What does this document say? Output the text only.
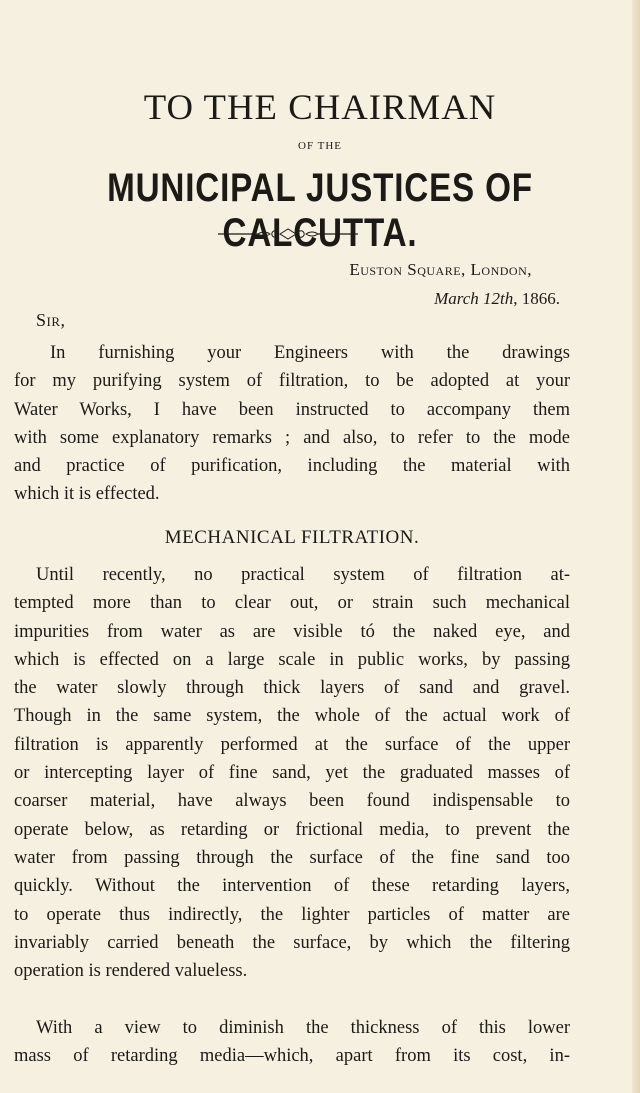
TO THE CHAIRMAN
OF THE
MUNICIPAL JUSTICES OF CALCUTTA.
Euston Square, London,
March 12th, 1866.
Sir,
In furnishing your Engineers with the drawings
for my purifying system of filtration, to be adopted at your
Water Works, I have been instructed to accompany them
with some explanatory remarks ; and also, to refer to the mode
and practice of purification, including the material with
which it is effected.
MECHANICAL FILTRATION.
Until recently, no practical system of filtration at-
tempted more than to clear out, or strain such mechanical
impurities from water as are visible tó the naked eye, and
which is effected on a large scale in public works, by passing
the water slowly through thick layers of sand and gravel.
Though in the same system, the whole of the actual work of
filtration is apparently performed at the surface of the upper
or intercepting layer of fine sand, yet the graduated masses of
coarser material, have always been found indispensable to
operate below, as retarding or frictional media, to prevent the
water from passing through the surface of the fine sand too
quickly. Without the intervention of these retarding layers,
to operate thus indirectly, the lighter particles of matter are
invariably carried beneath the surface, by which the filtering
operation is rendered valueless.
With a view to diminish the thickness of this lower
mass of retarding media—which, apart from its cost, in-
